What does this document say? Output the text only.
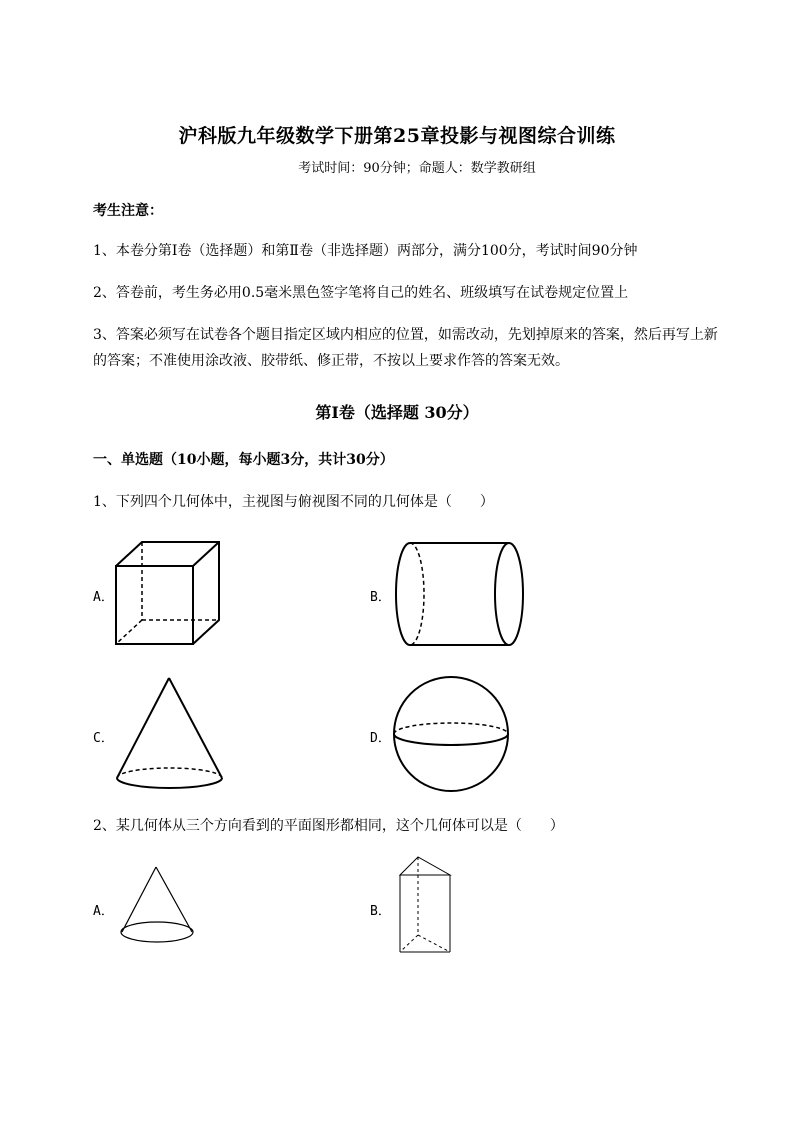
沪科版九年级数学下册第25章投影与视图综合训练
考试时间：90分钟；命题人：数学教研组
考生注意：
1、本卷分第I卷（选择题）和第Ⅱ卷（非选择题）两部分，满分100分，考试时间90分钟
2、答卷前，考生务必用0.5毫米黑色签字笔将自己的姓名、班级填写在试卷规定位置上
3、答案必须写在试卷各个题目指定区域内相应的位置，如需改动，先划掉原来的答案，然后再写上新
的答案；不准使用涂改液、胶带纸、修正带，不按以上要求作答的答案无效。
第I卷（选择题 30分）
一、单选题（10小题，每小题3分，共计30分）
1、下列四个几何体中，主视图与俯视图不同的几何体是（　　）
A．	B．
C．	D．
2、某几何体从三个方向看到的平面图形都相同，这个几何体可以是（　　）
A．	B．
